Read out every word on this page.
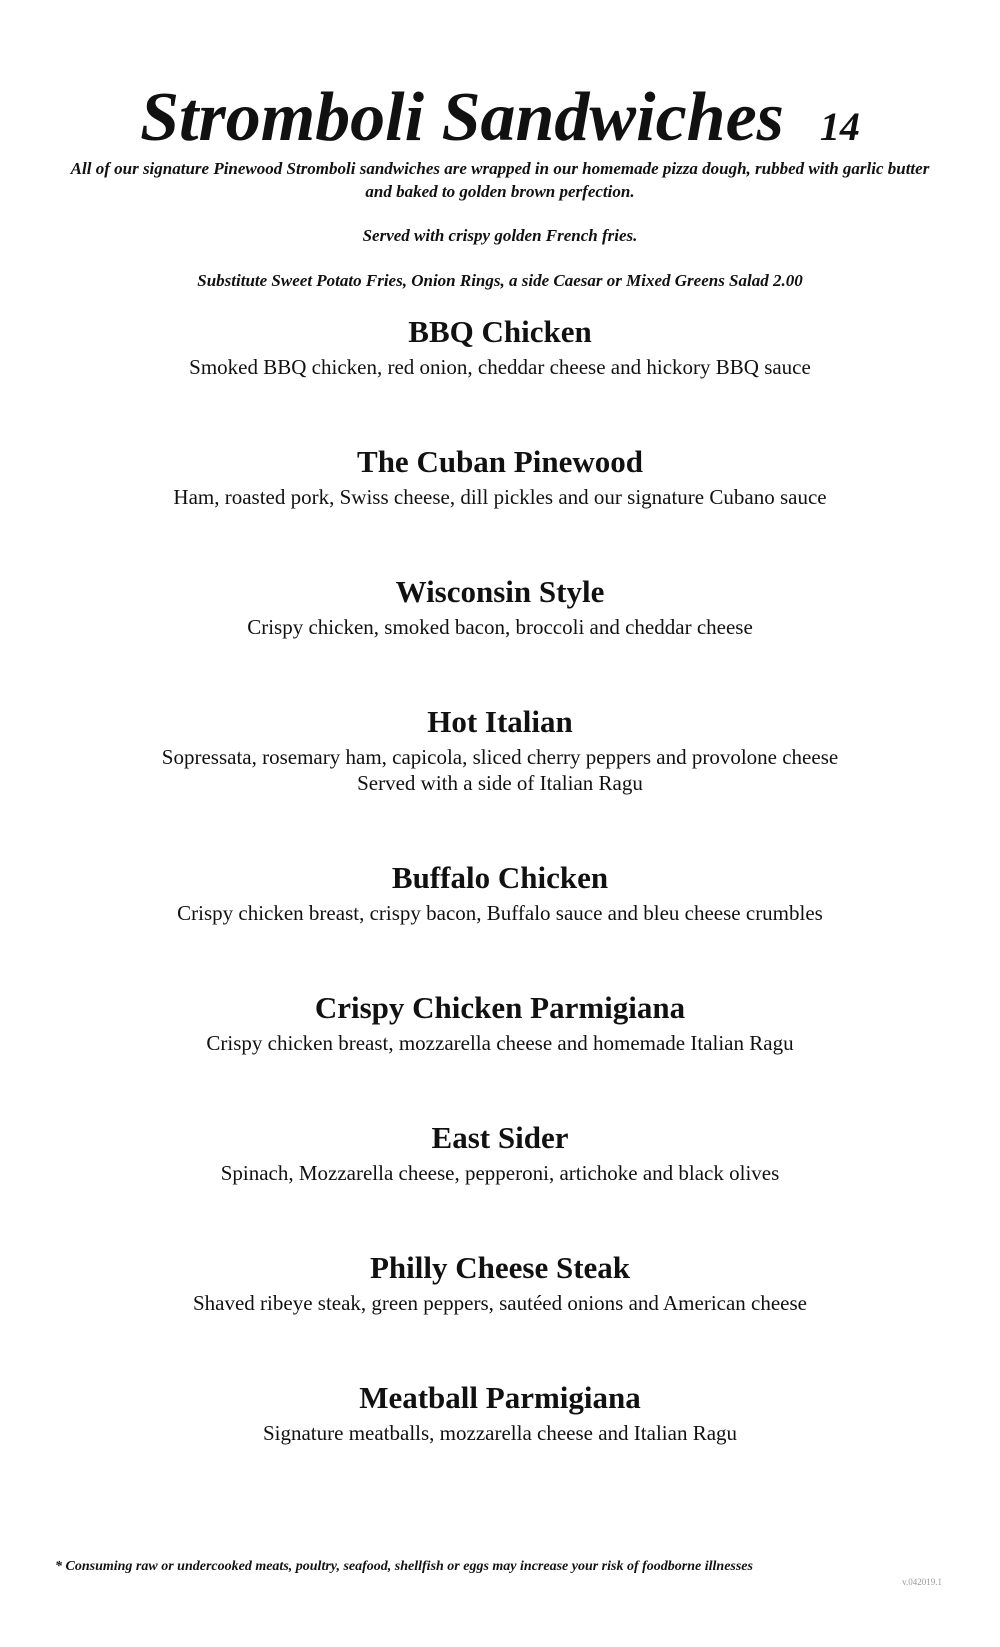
Stromboli Sandwiches 14
All of our signature Pinewood Stromboli sandwiches are wrapped in our homemade pizza dough, rubbed with garlic butter and baked to golden brown perfection.
Served with crispy golden French fries.
Substitute Sweet Potato Fries, Onion Rings, a side Caesar or Mixed Greens Salad 2.00

BBQ Chicken

Smoked BBQ chicken, red onion, cheddar cheese and hickory BBQ sauce

The Cuban Pinewood

Ham, roasted pork, Swiss cheese, dill pickles and our signature Cubano sauce

Wisconsin Style

Crispy chicken, smoked bacon, broccoli and cheddar cheese

Hot Italian

Sopressata, rosemary ham, capicola, sliced cherry peppers and provolone cheese

Served with a side of Italian Ragu

Buffalo Chicken

Crispy chicken breast, crispy bacon, Buffalo sauce and bleu cheese crumbles

Crispy Chicken Parmigiana

Crispy chicken breast, mozzarella cheese and homemade Italian Ragu

East Sider

Spinach, Mozzarella cheese, pepperoni, artichoke and black olives

Philly Cheese Steak

Shaved ribeye steak, green peppers, sautéed onions and American cheese

Meatball Parmigiana

Signature meatballs, mozzarella cheese and Italian Ragu

* Consuming raw or undercooked meats, poultry, seafood, shellfish or eggs may increase your risk of foodborne illnesses
v.042019.1
